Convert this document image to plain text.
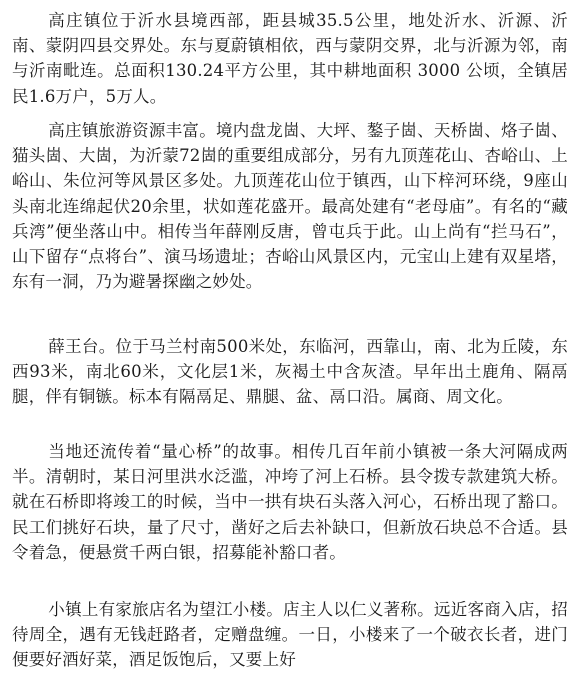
高庄镇位于沂水县境西部，距县城35.5公里，地处沂水、沂源、沂南、蒙阴四县交界处。东与夏蔚镇相依，西与蒙阴交界，北与沂源为邻，南与沂南毗连。总面积130.24平方公里，其中耕地面积 3000 公顷，全镇居民1.6万户，5万人。

高庄镇旅游资源丰富。境内盘龙崮、大坪、鏊子崮、天桥崮、烙子崮、猫头崮、大崮，为沂蒙72崮的重要组成部分，另有九顶莲花山、杏峪山、上峪山、朱位河等风景区多处。九顶莲花山位于镇西，山下梓河环绕，9座山头南北连绵起伏20余里，状如莲花盛开。最高处建有“老母庙”。有名的“藏兵湾”便坐落山中。相传当年薛刚反唐，曾屯兵于此。山上尚有“拦马石”，山下留存“点将台”、演马场遗址；杏峪山风景区内，元宝山上建有双星塔，东有一洞，乃为避暑探幽之妙处。

薛王台。位于马兰村南500米处，东临河，西靠山，南、北为丘陵，东西93米，南北60米，文化层1米，灰褐土中含灰渣。早年出土鹿角、隔鬲腿，伴有铜镞。标本有隔鬲足、鼎腿、盆、鬲口沿。属商、周文化。

当地还流传着“量心桥”的故事。相传几百年前小镇被一条大河隔成两半。清朝时，某日河里洪水泛滥，冲垮了河上石桥。县令拨专款建筑大桥。就在石桥即将竣工的时候，当中一拱有块石头落入河心，石桥出现了豁口。民工们挑好石块，量了尺寸，凿好之后去补缺口，但新放石块总不合适。县令着急，便悬赏千两白银，招募能补豁口者。

小镇上有家旅店名为望江小楼。店主人以仁义著称。远近客商入店，招待周全，遇有无钱赶路者，定赠盘缠。一日，小楼来了一个破衣长者，进门便要好酒好菜，酒足饭饱后，又要上好
